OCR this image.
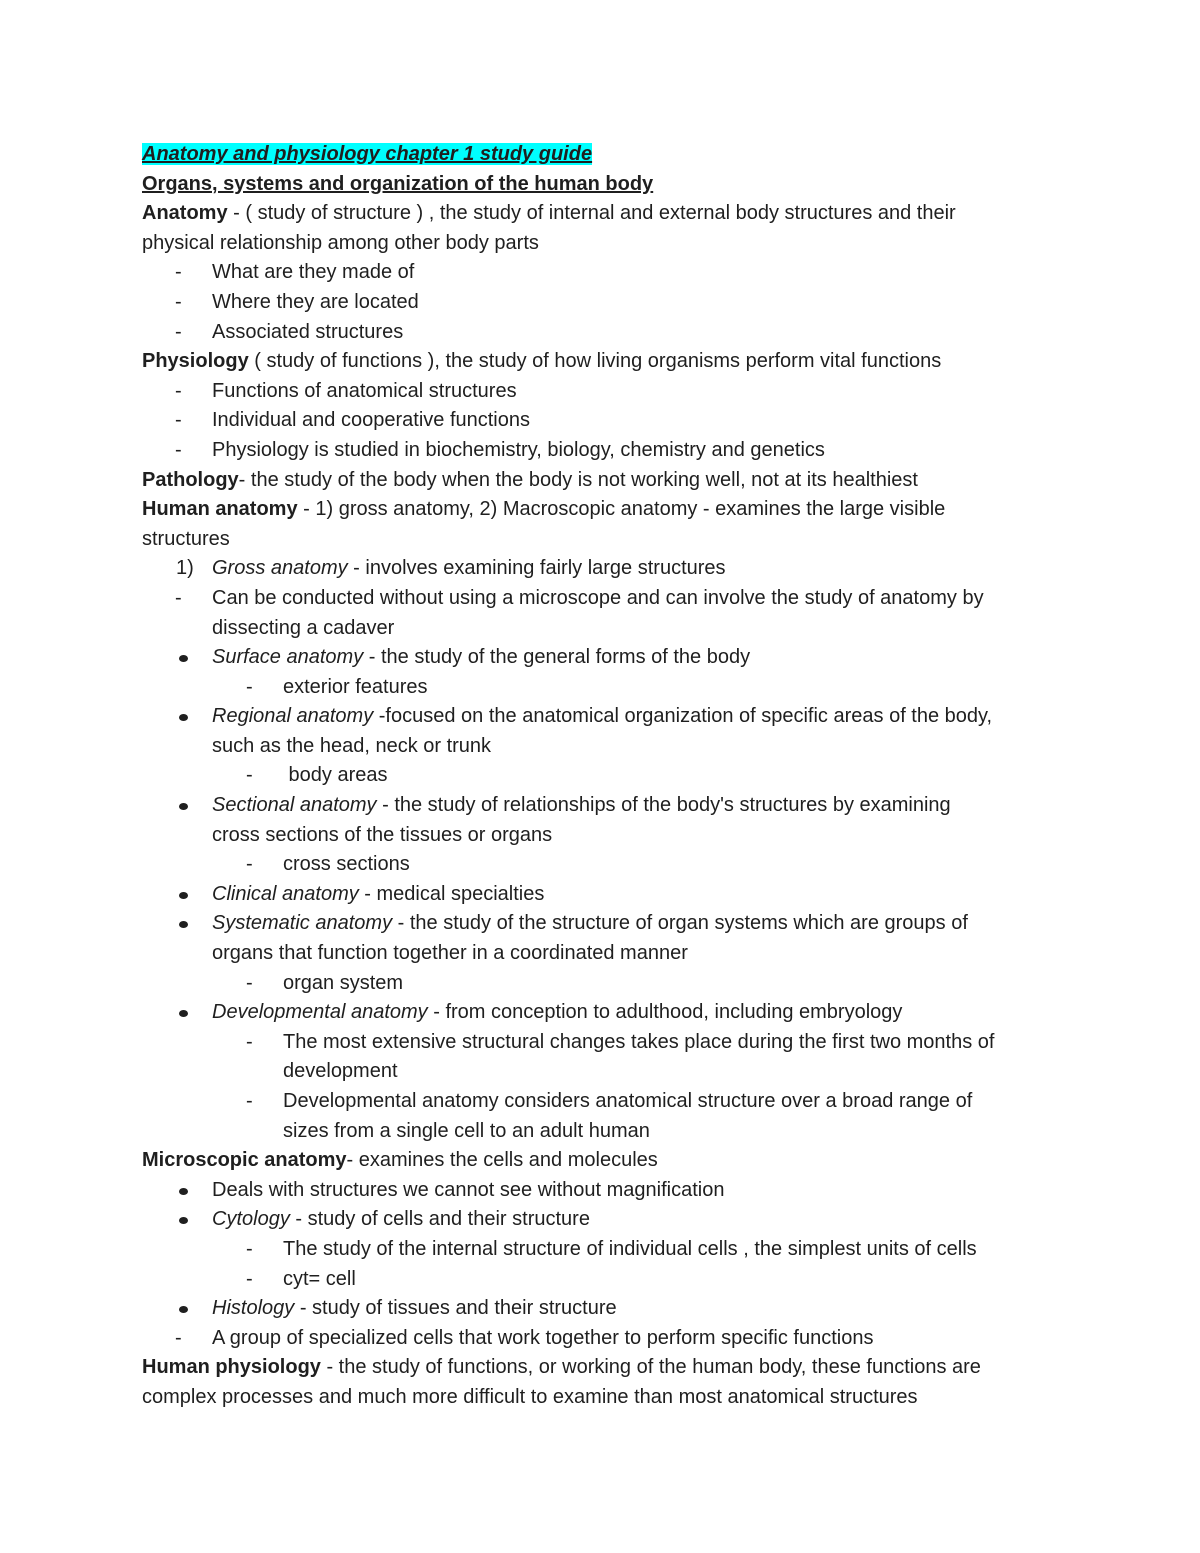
Anatomy and physiology chapter 1 study guide
Organs, systems and organization of the human body
Anatomy - ( study of structure ) , the study of internal and external body structures and their
physical relationship among other body parts
- What are they made of
- Where they are located
- Associated structures
Physiology ( study of functions ), the study of how living organisms perform vital functions
- Functions of anatomical structures
- Individual and cooperative functions
- Physiology is studied in biochemistry, biology, chemistry and genetics
Pathology- the study of the body when the body is not working well, not at its healthiest
Human anatomy - 1) gross anatomy, 2) Macroscopic anatomy - examines the large visible
structures
1) Gross anatomy - involves examining fairly large structures
- Can be conducted without using a microscope and can involve the study of anatomy by
dissecting a cadaver
Surface anatomy - the study of the general forms of the body
- exterior features
Regional anatomy -focused on the anatomical organization of specific areas of the body,
such as the head, neck or trunk
- body areas
Sectional anatomy - the study of relationships of the body's structures by examining
cross sections of the tissues or organs
- cross sections
Clinical anatomy - medical specialties
Systematic anatomy - the study of the structure of organ systems which are groups of
organs that function together in a coordinated manner
- organ system
Developmental anatomy - from conception to adulthood, including embryology
- The most extensive structural changes takes place during the first two months of
development
- Developmental anatomy considers anatomical structure over a broad range of
sizes from a single cell to an adult human
Microscopic anatomy- examines the cells and molecules
Deals with structures we cannot see without magnification
Cytology - study of cells and their structure
- The study of the internal structure of individual cells , the simplest units of cells
- cyt= cell
Histology - study of tissues and their structure
- A group of specialized cells that work together to perform specific functions
Human physiology - the study of functions, or working of the human body, these functions are
complex processes and much more difficult to examine than most anatomical structures
